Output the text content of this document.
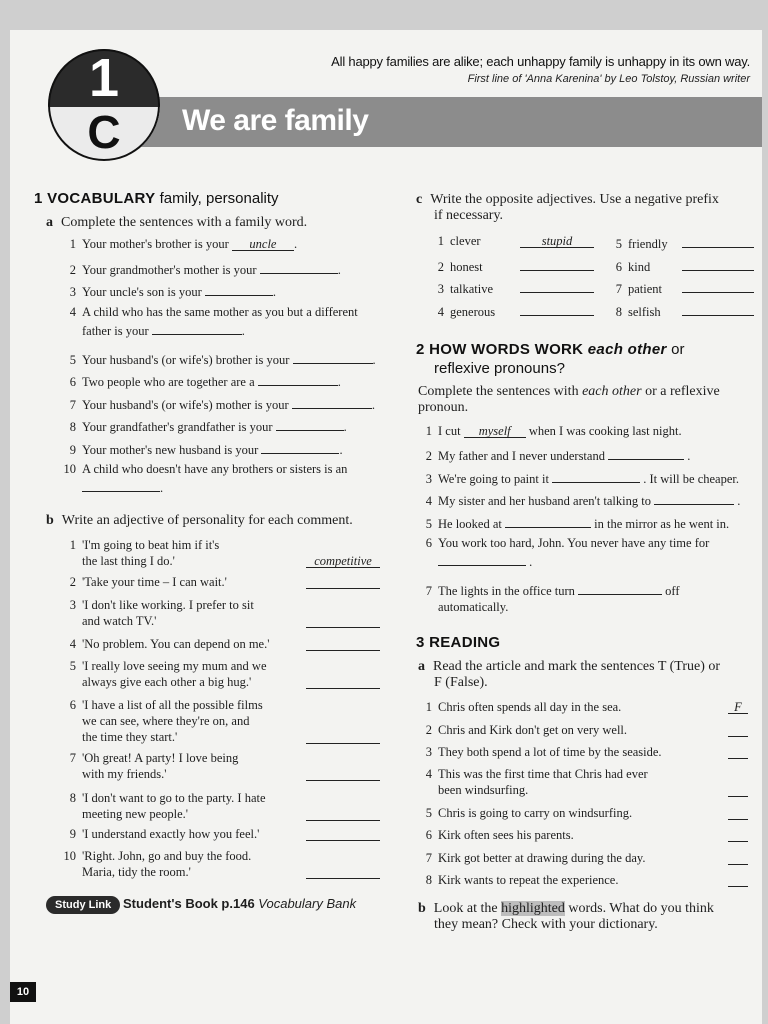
All happy families are alike; each unhappy family is unhappy in its own way.
First line of 'Anna Karenina' by Leo Tolstoy, Russian writer
We are family
1
C
1 VOCABULARY family, personality
a Complete the sentences with a family word.
1 Your mother's brother is your uncle .
2 Your grandmother's mother is your	.
3 Your uncle's son is your	.
4 A child who has the same mother as you but a different
father is your	.
5 Your husband's (or wife's) brother is your	.
6 Two people who are together are a	.
7 Your husband's (or wife's) mother is your	.
8 Your grandfather's grandfather is your	.
9 Your mother's new husband is your	.
10 A child who doesn't have any brothers or sisters is an
.
b Write an adjective of personality for each comment.
1 'I'm going to beat him if it's
the last thing I do.'	competitive
2 'Take your time – I can wait.'
3 'I don't like working. I prefer to sit
and watch TV.'
4 'No problem. You can depend on me.'
5 'I really love seeing my mum and we
always give each other a big hug.'
6 'I have a list of all the possible films
we can see, where they're on, and
the time they start.'
7 'Oh great! A party! I love being
with my friends.'
8 'I don't want to go to the party. I hate
meeting new people.'
9 'I understand exactly how you feel.'
10 'Right. John, go and buy the food.
Maria, tidy the room.'
Study Link Student's Book p.146 Vocabulary Bank
c Write the opposite adjectives. Use a negative prefix
if necessary.
1 clever	stupid
2 honest
3 talkative
4 generous
5 friendly
6 kind
7 patient
8 selfish
2 HOW WORDS WORK each other or
reflexive pronouns?
Complete the sentences with each other or a reflexive
pronoun.
1 I cut myself when I was cooking last night.
2 My father and I never understand	.
3 We're going to paint it	. It will be cheaper.
4 My sister and her husband aren't talking to	.
5 He looked at	in the mirror as he went in.
6 You work too hard, John. You never have any time for
.
7 The lights in the office turn	off
automatically.
3 READING
a Read the article and mark the sentences T (True) or
F (False).
1 Chris often spends all day in the sea.	F
2 Chris and Kirk don't get on very well.
3 They both spend a lot of time by the seaside.
4 This was the first time that Chris had ever
been windsurfing.
5 Chris is going to carry on windsurfing.
6 Kirk often sees his parents.
7 Kirk got better at drawing during the day.
8 Kirk wants to repeat the experience.
b Look at the highlighted words. What do you think
they mean? Check with your dictionary.
10
